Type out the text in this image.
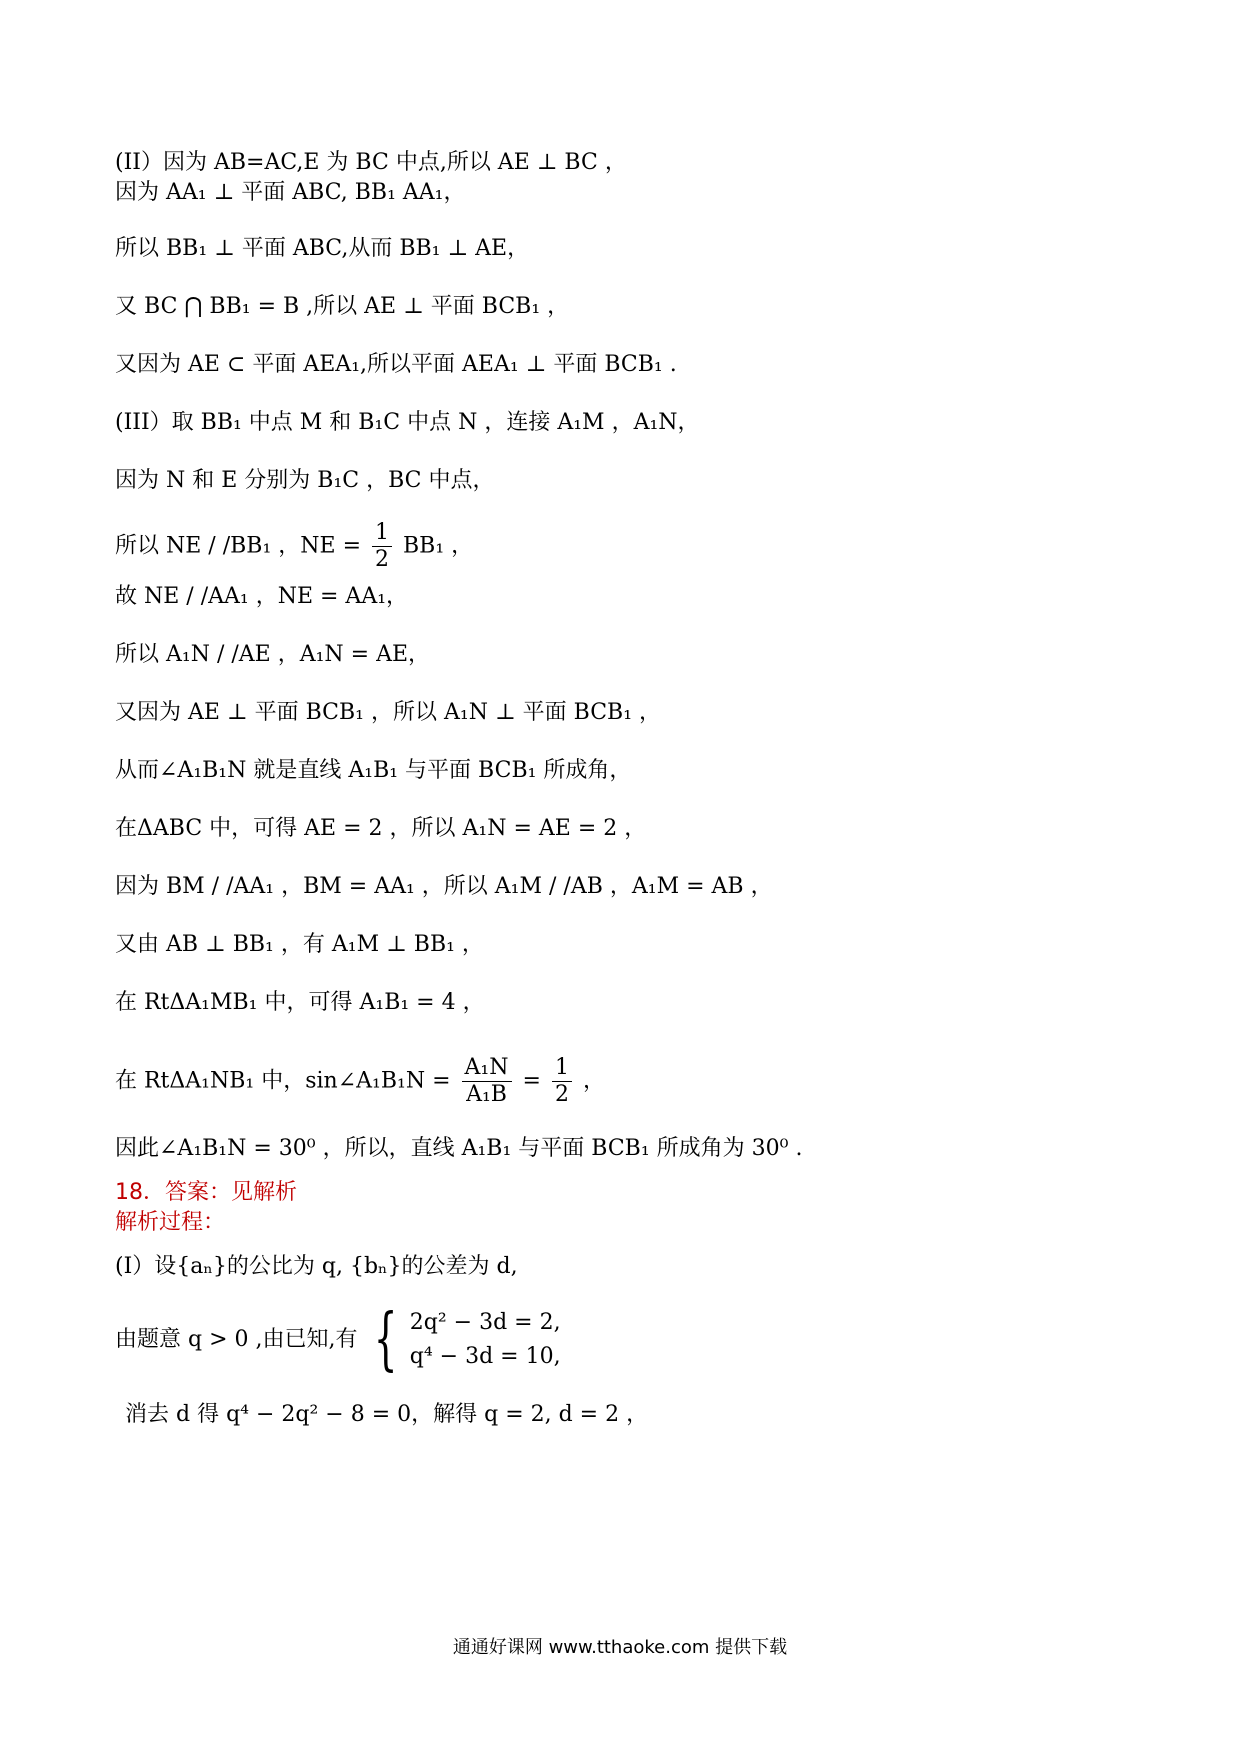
(II）因为 AB=AC,E 为 BC 中点,所以 AE ⊥ BC ，
因为 AA₁ ⊥ 平面 ABC, BB₁ AA₁，
所以 BB₁ ⊥ 平面 ABC,从而 BB₁ ⊥ AE，
又 BC ⋂ BB₁ = B ,所以 AE ⊥ 平面 BCB₁ ，
又因为 AE ⊂ 平面 AEA₁,所以平面 AEA₁ ⊥ 平面 BCB₁ .
(III）取 BB₁ 中点 M 和 B₁C 中点 N ，连接 A₁M ，A₁N，
因为 N 和 E 分别为 B₁C ，BC 中点，
所以 NE / /BB₁ ，NE = $\frac{1}{2} BB_1$ ，
故 NE / /AA₁ ，NE = AA₁，
所以 A₁N / /AE ，A₁N = AE，
又因为 AE ⊥ 平面 BCB₁ ，所以 A₁N ⊥ 平面 BCB₁ ，
从而∠A₁B₁N 就是直线 A₁B₁ 与平面 BCB₁ 所成角，
在ΔABC 中，可得 AE = 2 ，所以 A₁N = AE = 2 ，
因为 BM / /AA₁ ，BM = AA₁ ，所以 A₁M / /AB ，A₁M = AB ，
又由 AB ⊥ BB₁ ，有 A₁M ⊥ BB₁ ，
在 RtΔA₁MB₁ 中，可得 A₁B₁ = 4 ，
在 RtΔA₁NB₁ 中，sin∠A₁B₁N = $\frac{\text{A₁N}}{\text{A₁B}} = \frac{1}{2}$ ，
因此∠A₁B₁N = 30⁰ ，所以，直线 A₁B₁ 与平面 BCB₁ 所成角为 30⁰ .
18．答案：见解析
解析过程：
(I）设{aₙ}的公比为 q, {bₙ}的公差为 d,
由题意 q > 0 ,由已知,有 { 2q² − 3d = 2,
q⁴ − 3d = 10,
消去 d 得 q⁴ − 2q² − 8 = 0，解得 q = 2, d = 2 ，
通通好课网 www.tthaoke.com 提供下载
